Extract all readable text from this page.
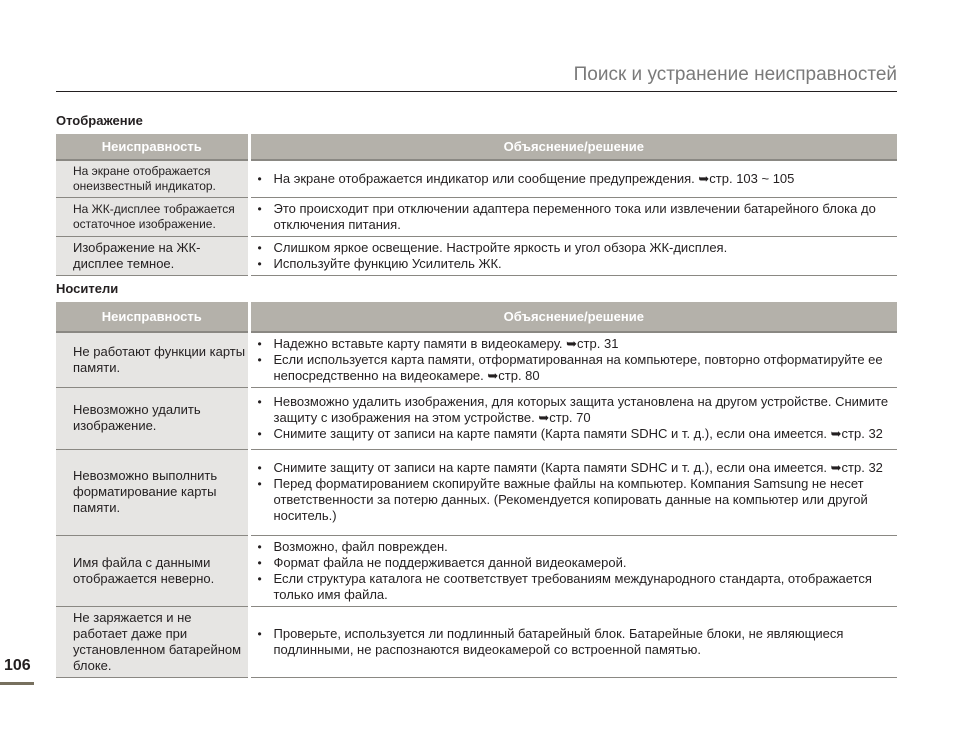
Поиск и устранение неисправностей
Отображение
Неисправность	Объяснение/решение
На экране отображается онеизвестный индикатор.	
•На экране отображается индикатор или сообщение предупреждения. ➥стр. 103 ~ 105

На ЖК-дисплее тображается остаточное изображение.	
• Это происходит при отключении адаптера переменного тока или извлечении батарейного блока до отключения питания.

Изображение на ЖК-дисплее темное.	
• Слишком яркое освещение. Настройте яркость и угол обзора ЖК-дисплея.
• Используйте функцию Усилитель ЖК.
Носители
Неисправность	Объяснение/решение
Не работают функции карты памяти.	
• Надежно вставьте карту памяти в видеокамеру. ➥стр. 31
• Если используется карта памяти, отформатированная на компьютере, повторно отформатируйте ее непосредственно на видеокамере. ➥стр. 80

Невозможно удалить изображение.	
• Невозможно удалить изображения, для которых защита установлена на другом устройстве. Снимите защиту с изображения на этом устройстве. ➥стр. 70
• Снимите защиту от записи на карте памяти (Карта памяти SDHC и т. д.), если она имеется. ➥стр. 32

Невозможно выполнить форматирование карты памяти.	
• Снимите защиту от записи на карте памяти (Карта памяти SDHC и т. д.), если она имеется. ➥стр. 32
• Перед форматированием скопируйте важные файлы на компьютер. Компания Samsung не несет ответственности за потерю данных. (Рекомендуется копировать данные на компьютер или другой носитель.)

Имя файла с данными отображается неверно.	
• Возможно, файл поврежден.
• Формат файла не поддерживается данной видеокамерой.
• Если структура каталога не соответствует требованиям международного стандарта, отображается только имя файла.

Не заряжается и не работает даже при установленном батарейном блоке.	
• Проверьте, используется ли подлинный батарейный блок. Батарейные блоки, не являющиеся подлинными, не распознаются видеокамерой со встроенной памятью.
106
